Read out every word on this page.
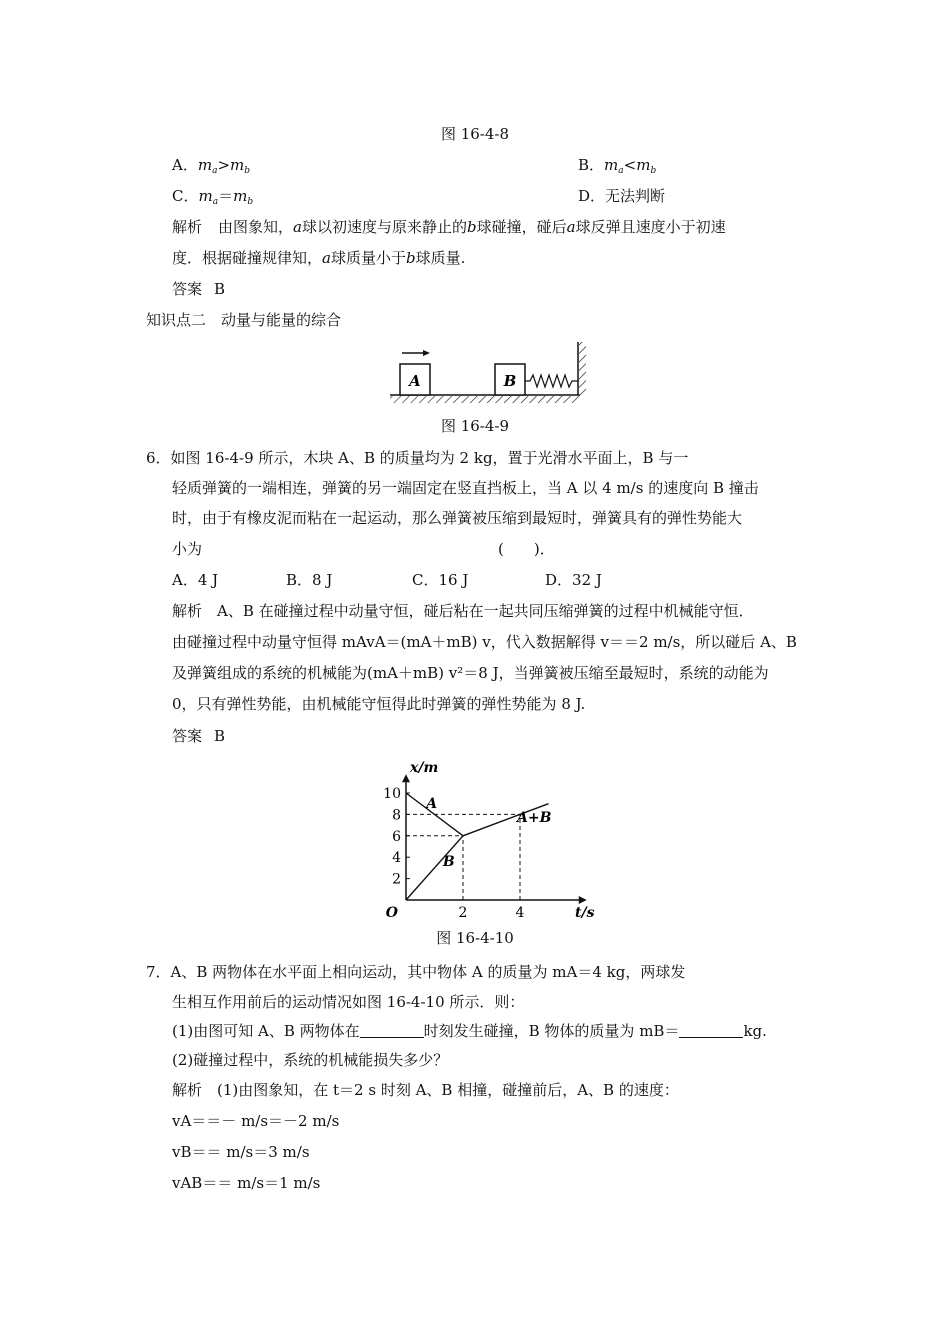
图 16-4-8
A．$m_a>m_b$	B．$m_a<m_b$
C．$m_a=m_b$	D．无法判断
解析 由图象知，a球以初速度与原来静止的b球碰撞，碰后a球反弹且速度小于初速
度．根据碰撞规律知，a球质量小于b球质量.
答案 B
知识点二　动量与能量的综合
A	B
图 16-4-9
6．如图 16-4-9 所示，木块 A、B 的质量均为 2 kg，置于光滑水平面上，B 与一
轻质弹簧的一端相连，弹簧的另一端固定在竖直挡板上，当 A 以 4 m/s 的速度向 B 撞击
时，由于有橡皮泥而粘在一起运动，那么弹簧被压缩到最短时，弹簧具有的弹性势能大
小为	(　　)．
A．4 J	B．8 J	C．16 J	D．32 J
解析　A、B 在碰撞过程中动量守恒，碰后粘在一起共同压缩弹簧的过程中机械能守恒．
由碰撞过程中动量守恒得 mAvA＝(mA＋mB) v，代入数据解得 v＝＝2 m/s，所以碰后 A、B
及弹簧组成的系统的机械能为(mA＋mB) v²＝8 J，当弹簧被压缩至最短时，系统的动能为
0，只有弹性势能，由机械能守恒得此时弹簧的弹性势能为 8 J.
答案 B
A
B
A+B
2
4
6
8
10
2	4
O	t/s
x/m
图 16-4-10
7．A、B 两物体在水平面上相向运动，其中物体 A 的质量为 mA＝4 kg，两球发
生相互作用前后的运动情况如图 16-4-10 所示．则：
(1)由图可知 A、B 两物体在	时刻发生碰撞，B 物体的质量为 mB＝	kg.
(2)碰撞过程中，系统的机械能损失多少？
解析　(1)由图象知，在 t＝2 s 时刻 A、B 相撞，碰撞前后，A、B 的速度：
vA＝＝－ m/s＝－2 m/s
vB＝＝ m/s＝3 m/s
vAB＝＝ m/s＝1 m/s
